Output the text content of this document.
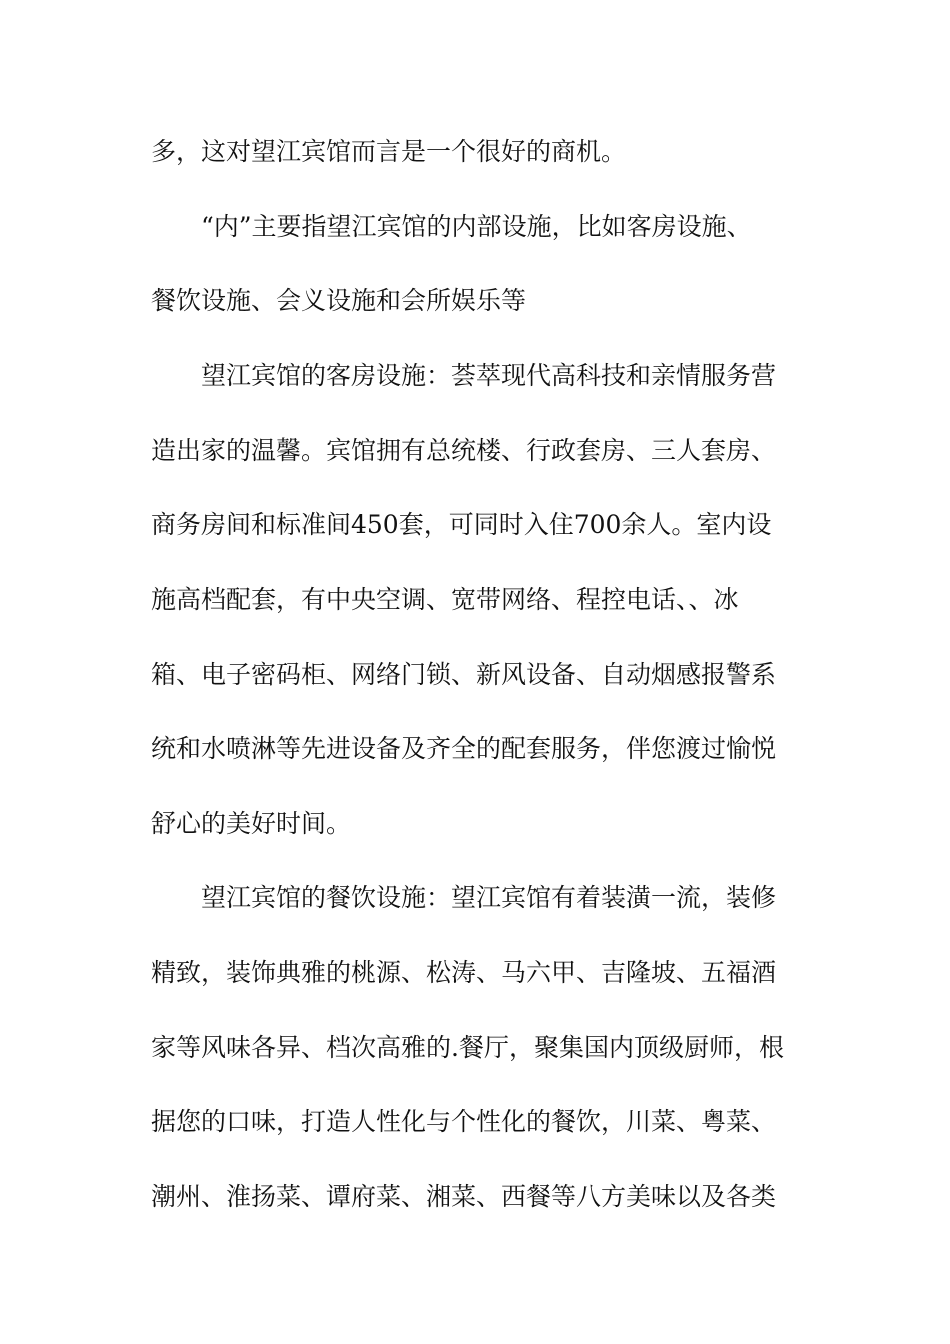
多，这对望江宾馆而言是一个很好的商机。

“内”主要指望江宾馆的内部设施，比如客房设施、

餐饮设施、会义设施和会所娱乐等

望江宾馆的客房设施：荟萃现代高科技和亲情服务营

造出家的温馨。宾馆拥有总统楼、行政套房、三人套房、

商务房间和标准间450套，可同时入住700余人。室内设

施高档配套，有中央空调、宽带网络、程控电话、、冰

箱、电子密码柜、网络门锁、新风设备、自动烟感报警系

统和水喷淋等先进设备及齐全的配套服务，伴您渡过愉悦

舒心的美好时间。

望江宾馆的餐饮设施：望江宾馆有着装潢一流，装修

精致，装饰典雅的桃源、松涛、马六甲、吉隆坡、五福酒

家等风味各异、档次高雅的.餐厅，聚集国内顶级厨师，根

据您的口味，打造人性化与个性化的餐饮，川菜、粤菜、

潮州、淮扬菜、谭府菜、湘菜、西餐等八方美味以及各类
